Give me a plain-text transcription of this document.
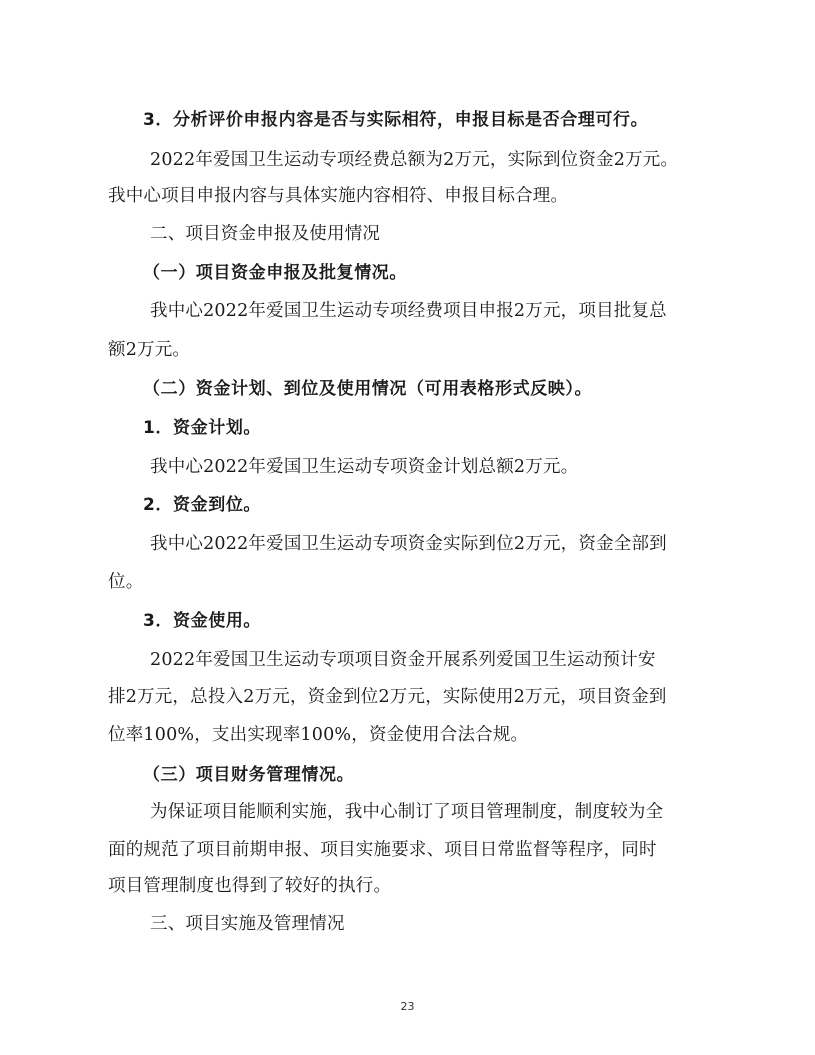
3．分析评价申报内容是否与实际相符，申报目标是否合理可行。
2022年爱国卫生运动专项经费总额为2万元，实际到位资金2万元。
我中心项目申报内容与具体实施内容相符、申报目标合理。
二、项目资金申报及使用情况
（一）项目资金申报及批复情况。
我中心2022年爱国卫生运动专项经费项目申报2万元，项目批复总
额2万元。
（二）资金计划、到位及使用情况（可用表格形式反映）。
1．资金计划。
我中心2022年爱国卫生运动专项资金计划总额2万元。
2．资金到位。
我中心2022年爱国卫生运动专项资金实际到位2万元，资金全部到
位。
3．资金使用。
2022年爱国卫生运动专项项目资金开展系列爱国卫生运动预计安
排2万元，总投入2万元，资金到位2万元，实际使用2万元，项目资金到
位率100%，支出实现率100%，资金使用合法合规。
（三）项目财务管理情况。
为保证项目能顺利实施，我中心制订了项目管理制度，制度较为全
面的规范了项目前期申报、项目实施要求、项目日常监督等程序，同时
项目管理制度也得到了较好的执行。
三、项目实施及管理情况
23
